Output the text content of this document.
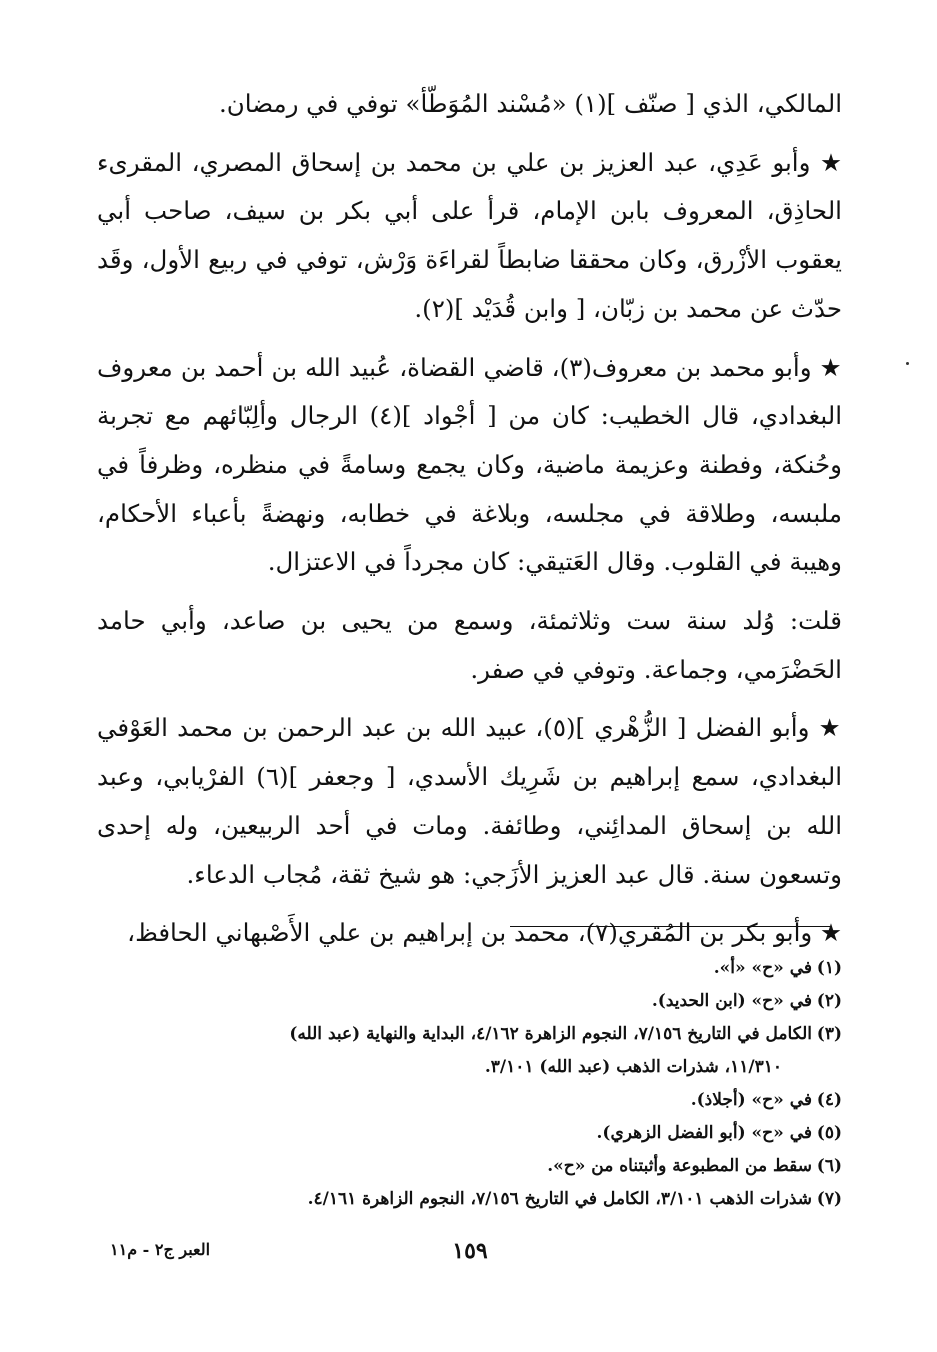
المالكي، الذي [ صنّف ](١) «مُسْند المُوَطّأ» توفي في رمضان.

★ وأبو عَدِي، عبد العزيز بن علي بن محمد بن إسحاق المصري، المقرىء الحاذِق، المعروف بابن الإمام، قرأ على أبي بكر بن سيف، صاحب أبي يعقوب الأزْرق، وكان محققا ضابطاً لقراءَة وَرْش، توفي في ربيع الأول، وقَد حدّث عن محمد بن زبّان، [ وابن قُدَيْد ](٢).

★ وأبو محمد بن معروف(٣)، قاضي القضاة، عُبيد الله بن أحمد بن معروف البغدادي، قال الخطيب: كان من [ أجْواد ](٤) الرجال وألِبّائهم مع تجربة وحُنكة، وفطنة وعزيمة ماضية، وكان يجمع وسامةً في منظره، وظرفاً في ملبسه، وطلاقة في مجلسه، وبلاغة في خطابه، ونهضةً بأعباء الأحكام، وهيبة في القلوب. وقال العَتيقي: كان مجرداً في الاعتزال.

قلت: وُلد سنة ست وثلاثمئة، وسمع من يحيى بن صاعد، وأبي حامد الحَضْرَمي، وجماعة. وتوفي في صفر.

★ وأبو الفضل [ الزُّهْري ](٥)، عبيد الله بن عبد الرحمن بن محمد العَوْفي البغدادي، سمع إبراهيم بن شَرِيك الأسدي، [ وجعفر ](٦) الفرْيابي، وعبد الله بن إسحاق المدائِني، وطائفة. ومات في أحد الربيعين، وله إحدى وتسعون سنة. قال عبد العزيز الأزَجي: هو شيخ ثقة، مُجاب الدعاء.

★ وأبو بكر بن المُقري(٧)، محمد بن إبراهيم بن علي الأَصْبهاني الحافظ،

(١)
في «ح» «أ».
(٢)
في «ح» (ابن الحديد).
(٣)
الكامل في التاريخ ٧/١٥٦، النجوم الزاهرة ٤/١٦٢، البداية والنهاية (عبد الله)
١١/٣١٠، شذرات الذهب (عبد الله) ٣/١٠١.
(٤)
في «ح» (أجلاذ).
(٥)
في «ح» (أبو الفضل الزهري).
(٦)
سقط من المطبوعة وأثبتناه من «ح».
(٧)
شذرات الذهب ٣/١٠١، الكامل في التاريخ ٧/١٥٦، النجوم الزاهرة ٤/١٦١.
١٥٩
العبر ج٢ - م١١
